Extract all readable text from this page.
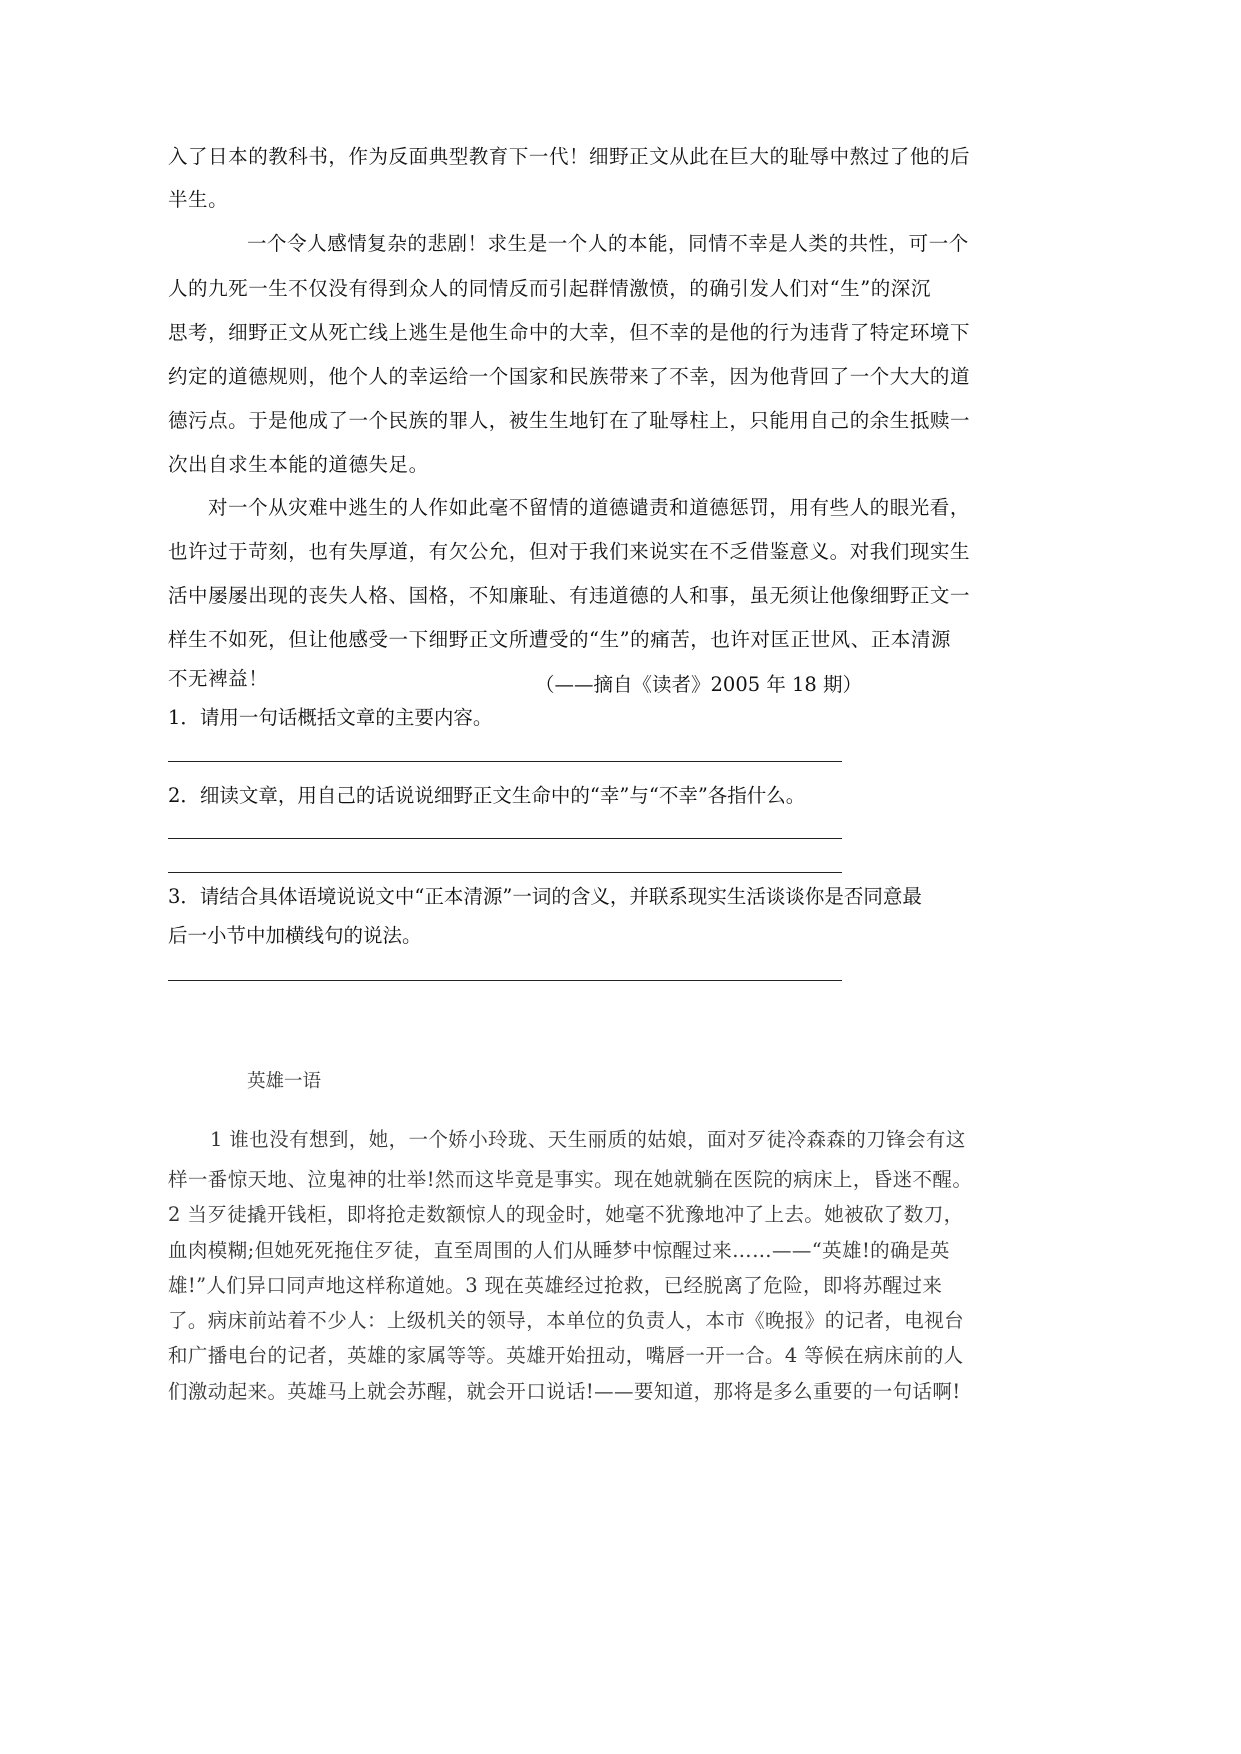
入了日本的教科书，作为反面典型教育下一代！细野正文从此在巨大的耻辱中熬过了他的后
半生。
一个令人感情复杂的悲剧！求生是一个人的本能，同情不幸是人类的共性，可一个
人的九死一生不仅没有得到众人的同情反而引起群情激愤，的确引发人们对“生”的深沉
思考，细野正文从死亡线上逃生是他生命中的大幸，但不幸的是他的行为违背了特定环境下
约定的道德规则，他个人的幸运给一个国家和民族带来了不幸，因为他背回了一个大大的道
德污点。于是他成了一个民族的罪人，被生生地钉在了耻辱柱上，只能用自己的余生抵赎一
次出自求生本能的道德失足。
对一个从灾难中逃生的人作如此毫不留情的道德谴责和道德惩罚，用有些人的眼光看，
也许过于苛刻，也有失厚道，有欠公允，但对于我们来说实在不乏借鉴意义。对我们现实生
活中屡屡出现的丧失人格、国格，不知廉耻、有违道德的人和事，虽无须让他像细野正文一
样生不如死，但让他感受一下细野正文所遭受的“生”的痛苦，也许对匡正世风、正本清源
不无裨益！	（——摘自《读者》2005 年 18 期）
1．请用一句话概括文章的主要内容。
2．细读文章，用自己的话说说细野正文生命中的“幸”与“不幸”各指什么。
3．请结合具体语境说说文中“正本清源”一词的含义，并联系现实生活谈谈你是否同意最
后一小节中加横线句的说法。
英雄一语
1 谁也没有想到，她，一个娇小玲珑、天生丽质的姑娘，面对歹徒冷森森的刀锋会有这
样一番惊天地、泣鬼神的壮举!然而这毕竟是事实。现在她就躺在医院的病床上，昏迷不醒。
2 当歹徒撬开钱柜，即将抢走数额惊人的现金时，她毫不犹豫地冲了上去。她被砍了数刀，
血肉模糊;但她死死拖住歹徒，直至周围的人们从睡梦中惊醒过来……——“英雄!的确是英
雄!”人们异口同声地这样称道她。3 现在英雄经过抢救，已经脱离了危险，即将苏醒过来
了。病床前站着不少人：上级机关的领导，本单位的负责人，本市《晚报》的记者，电视台
和广播电台的记者，英雄的家属等等。英雄开始扭动，嘴唇一开一合。4 等候在病床前的人
们激动起来。英雄马上就会苏醒，就会开口说话!——要知道，那将是多么重要的一句话啊!
